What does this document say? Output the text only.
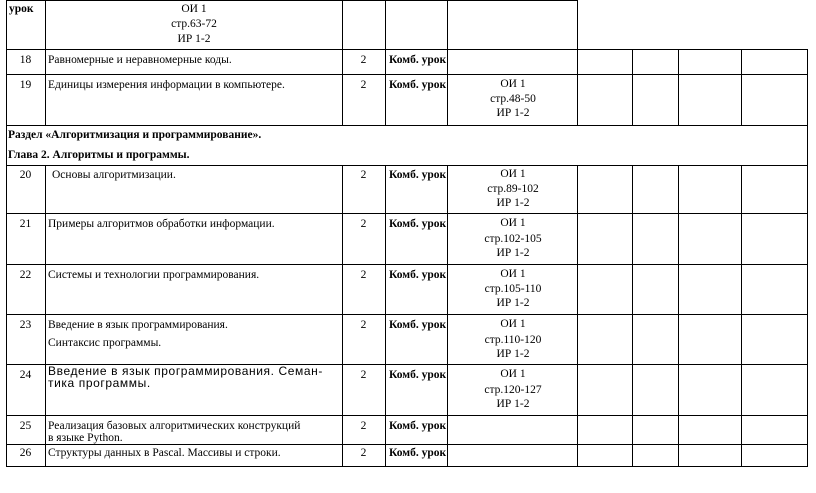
урок	ОИ 1
стр.63-72
ИР 1-2
18	Равномерные и неравномерные коды.	2	Комб. урок
19	Единицы измерения информации в компьютере.	2	Комб. урок	ОИ 1
стр.48-50
ИР 1-2
Раздел «Алгоритмизация и программирование».
Глава 2. Алгоритмы и программы.
20	Основы алгоритмизации.	2	Комб. урок	ОИ 1
стр.89-102
ИР 1-2
21	Примеры алгоритмов обработки информации.	2	Комб. урок	ОИ 1
стр.102-105
ИР 1-2
22	Системы и технологии программирования.	2	Комб. урок	ОИ 1
стр.105-110
ИР 1-2
23	Введение в язык программирования.
Синтаксис программы.
2	Комб. урок	ОИ 1
стр.110-120
ИР 1-2
24	Введение в язык программирования. Семан-
тика программы.
2	Комб. урок	ОИ 1
стр.120-127
ИР 1-2
25	Реализация базовых алгоритмических конструкций
в языке Python.
2	Комб. урок
26	Структуры данных в Pascal. Массивы и строки.	2	Комб. урок
